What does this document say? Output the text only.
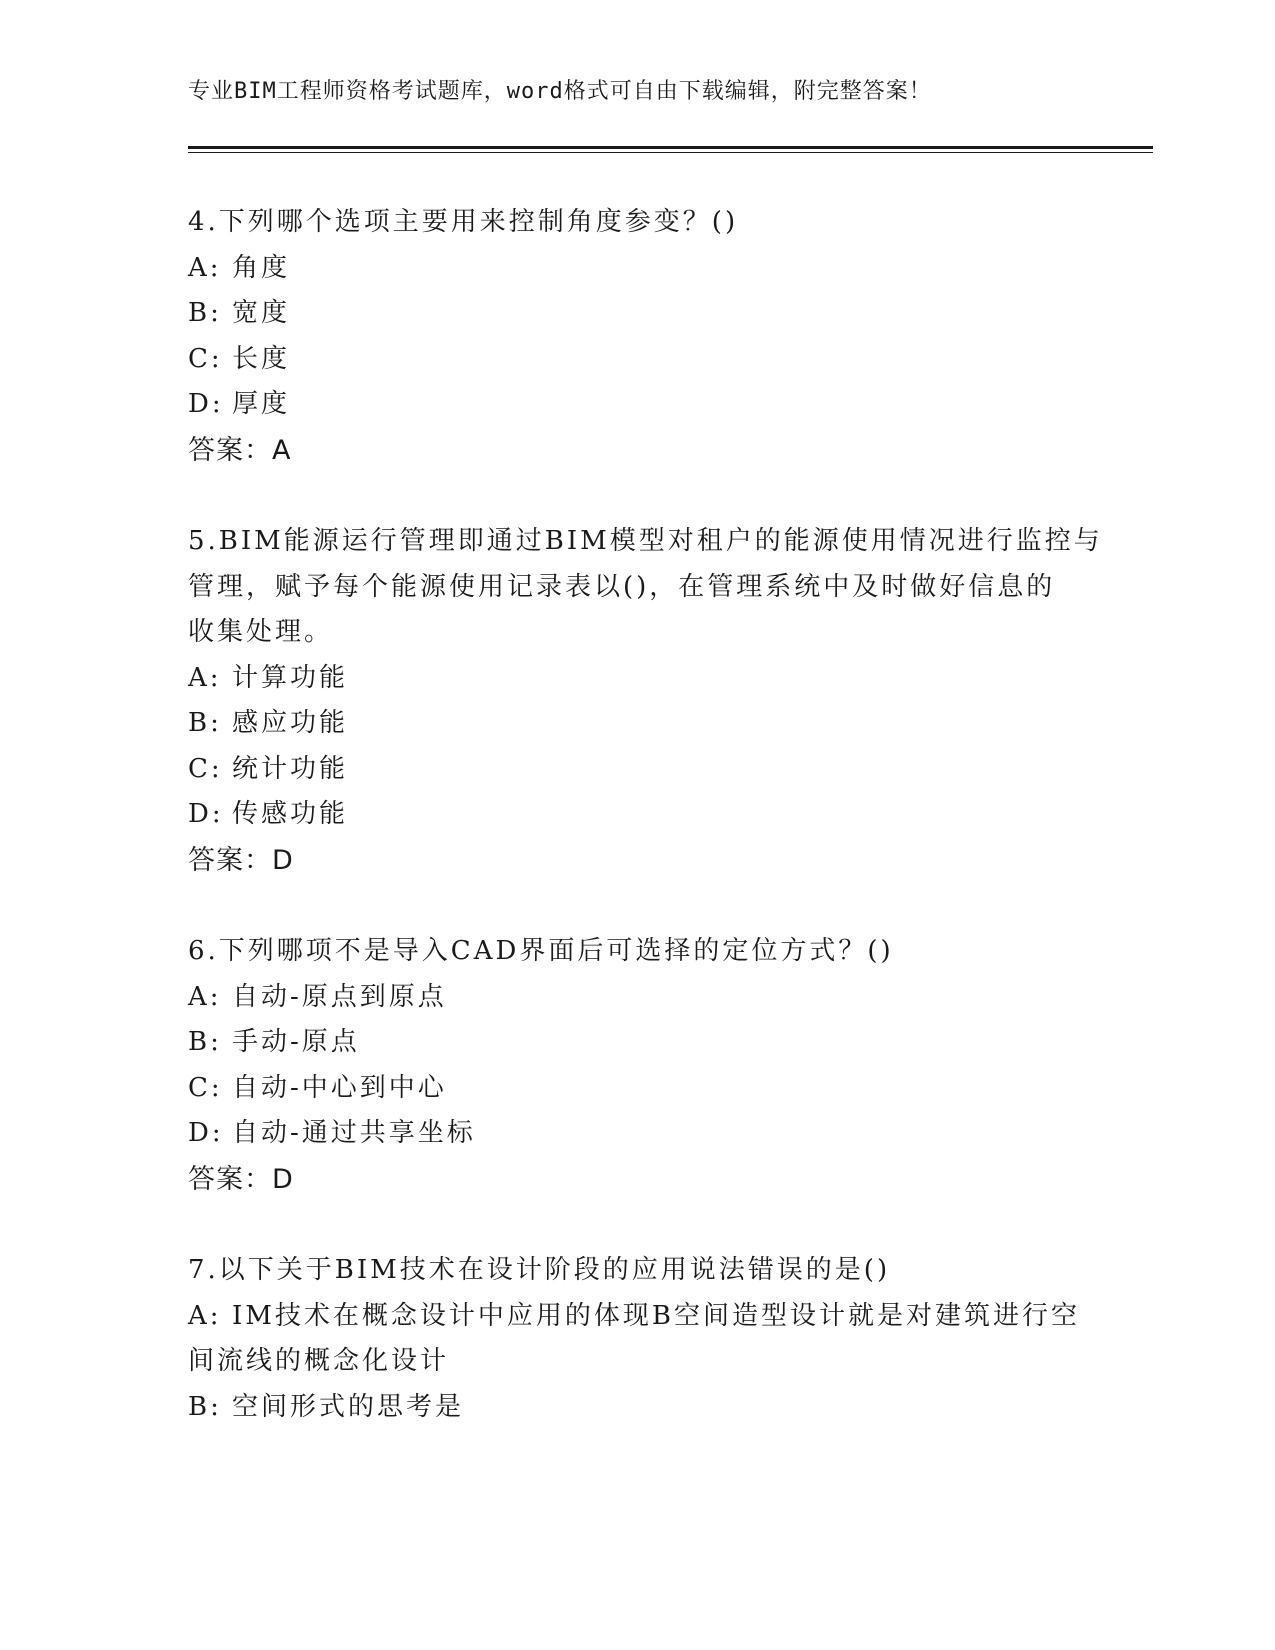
专业BIM工程师资格考试题库，word格式可自由下载编辑，附完整答案！
4.下列哪个选项主要用来控制角度参变？()
A: 角度
B: 宽度
C: 长度
D: 厚度
答案：A
5.BIM能源运行管理即通过BIM模型对租户的能源使用情况进行监控与
管理，赋予每个能源使用记录表以()，在管理系统中及时做好信息的
收集处理。
A: 计算功能
B: 感应功能
C: 统计功能
D: 传感功能
答案：D
6.下列哪项不是导入CAD界面后可选择的定位方式？()
A: 自动-原点到原点
B: 手动-原点
C: 自动-中心到中心
D: 自动-通过共享坐标
答案：D
7.以下关于BIM技术在设计阶段的应用说法错误的是()
A: IM技术在概念设计中应用的体现B空间造型设计就是对建筑进行空
间流线的概念化设计
B: 空间形式的思考是
